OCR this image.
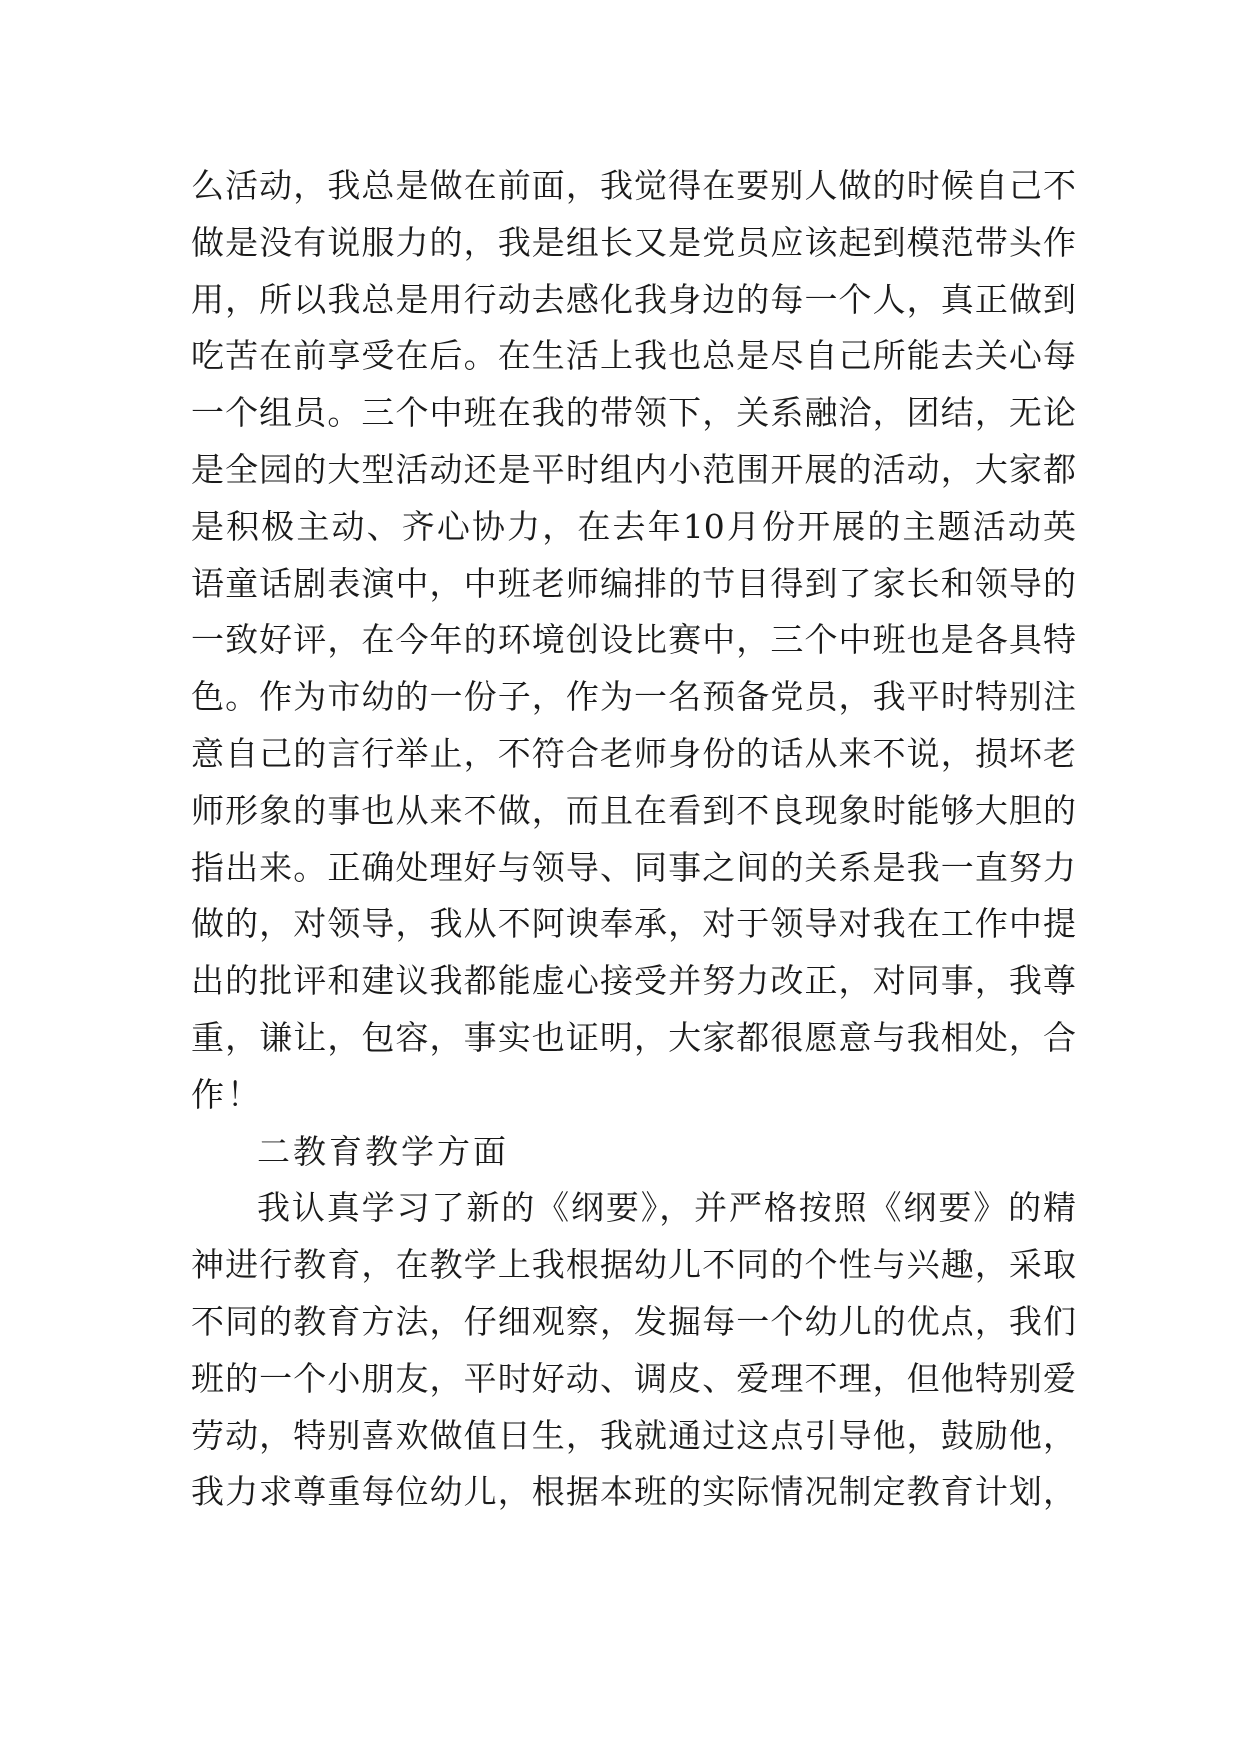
么活动，我总是做在前面，我觉得在要别人做的时候自己不
做是没有说服力的，我是组长又是党员应该起到模范带头作
用，所以我总是用行动去感化我身边的每一个人，真正做到
吃苦在前享受在后。在生活上我也总是尽自己所能去关心每
一个组员。三个中班在我的带领下，关系融洽，团结，无论
是全园的大型活动还是平时组内小范围开展的活动，大家都
是积极主动、齐心协力，在去年10月份开展的主题活动英
语童话剧表演中，中班老师编排的节目得到了家长和领导的
一致好评，在今年的环境创设比赛中，三个中班也是各具特
色。作为市幼的一份子，作为一名预备党员，我平时特别注
意自己的言行举止，不符合老师身份的话从来不说，损坏老
师形象的事也从来不做，而且在看到不良现象时能够大胆的
指出来。正确处理好与领导、同事之间的关系是我一直努力
做的，对领导，我从不阿谀奉承，对于领导对我在工作中提
出的批评和建议我都能虚心接受并努力改正，对同事，我尊
重，谦让，包容，事实也证明，大家都很愿意与我相处，合
作！
二教育教学方面
我认真学习了新的《纲要》，并严格按照《纲要》的精
神进行教育，在教学上我根据幼儿不同的个性与兴趣，采取
不同的教育方法，仔细观察，发掘每一个幼儿的优点，我们
班的一个小朋友，平时好动、调皮、爱理不理，但他特别爱
劳动，特别喜欢做值日生，我就通过这点引导他，鼓励他，
我力求尊重每位幼儿，根据本班的实际情况制定教育计划，
